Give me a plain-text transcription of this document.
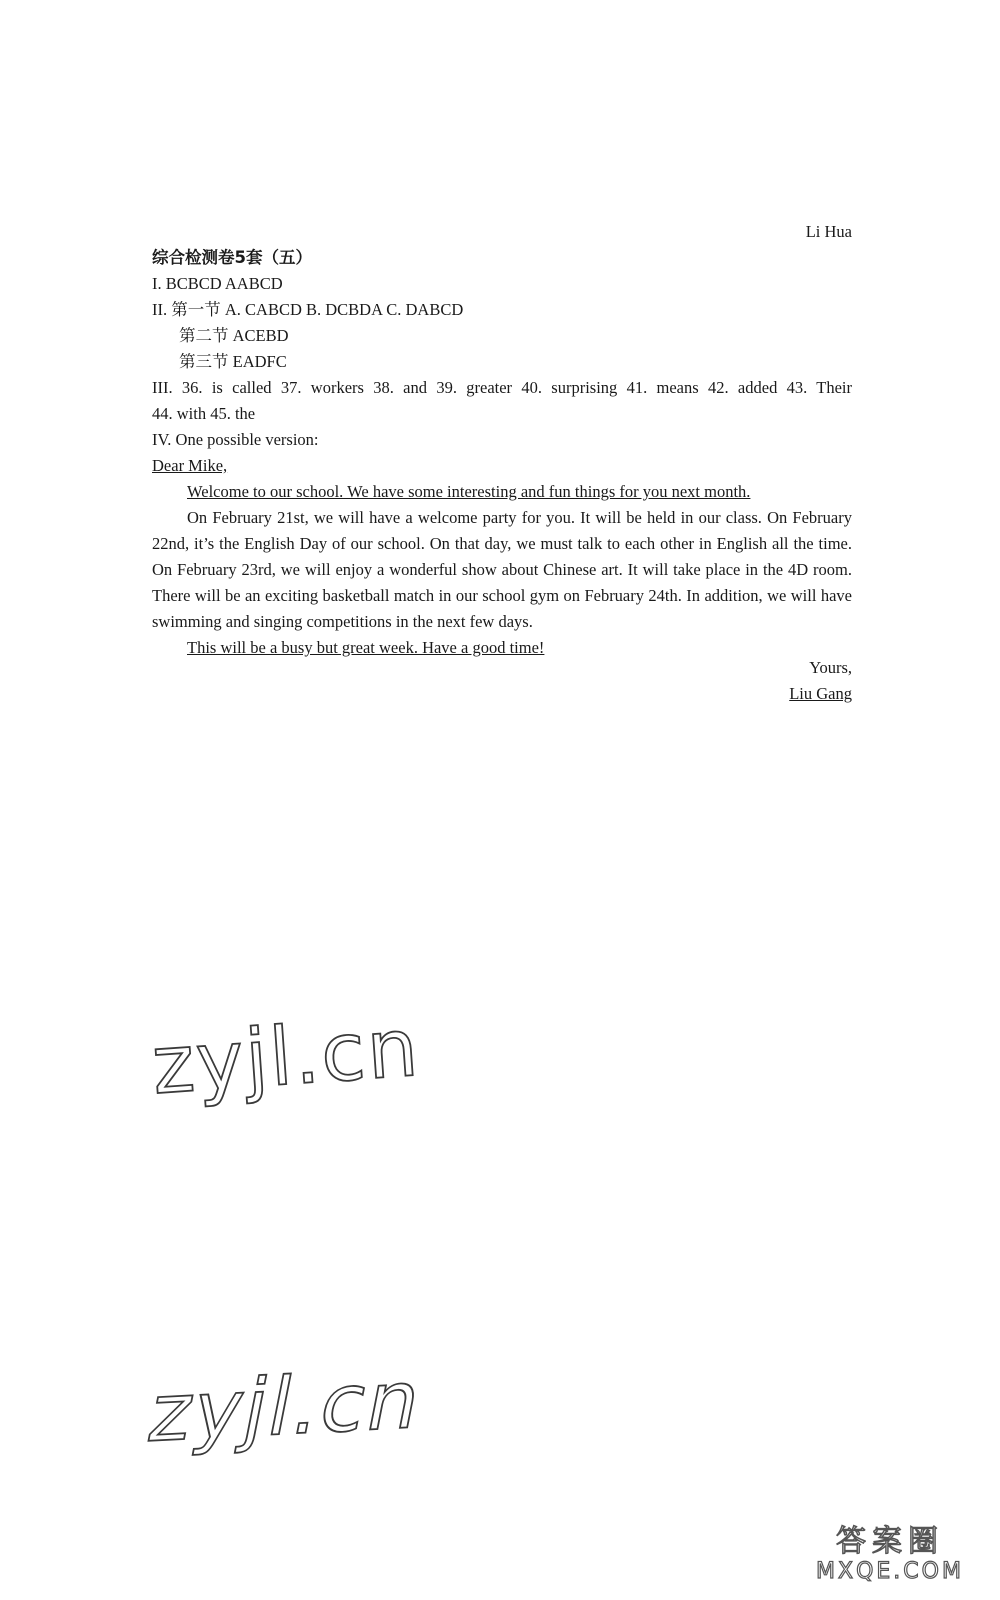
Li Hua
综合检测卷5套（五）
I. BCBCD AABCD
II. 第一节 A. CABCD B. DCBDA C. DABCD
第二节 ACEBD
第三节 EADFC
III. 36. is called 37. workers 38. and 39. greater 40. surprising 41. means 42. added 43. Their
44. with 45. the
IV. One possible version:
Dear Mike,
Welcome to our school. We have some interesting and fun things for you next month.
On February 21st, we will have a welcome party for you. It will be held in our class. On February 22nd, it’s the English Day of our school. On that day, we must talk to each other in English all the time. On February 23rd, we will enjoy a wonderful show about Chinese art. It will take place in the 4D room. There will be an exciting basketball match in our school gym on February 24th. In addition, we will have swimming and singing competitions in the next few days.
This will be a busy but great week. Have a good time!
Yours,
Liu Gang
zyjl.cn
zyjl.cn
答案圈
MXQE.COM
